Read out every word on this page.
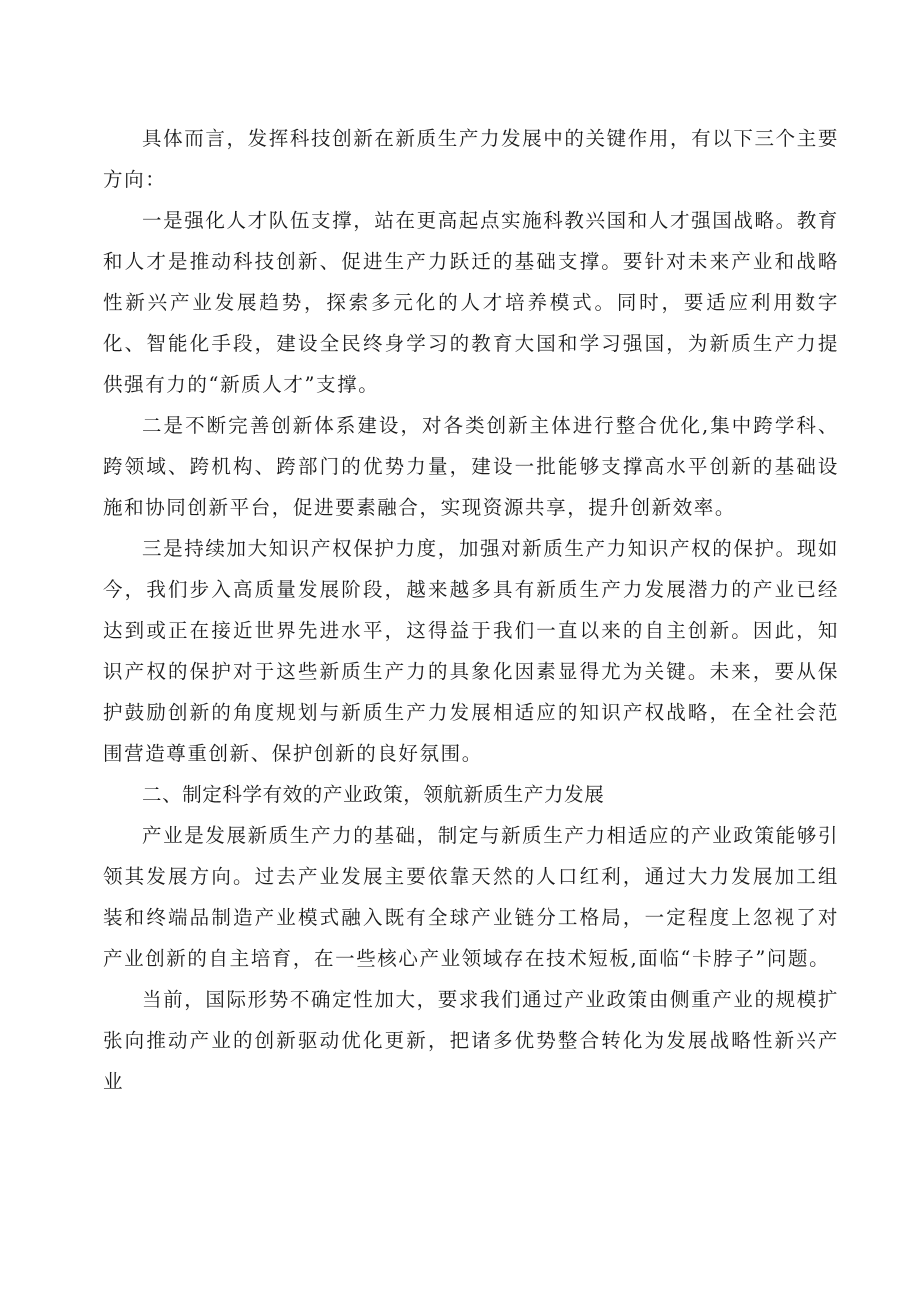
具体而言，发挥科技创新在新质生产力发展中的关键作用，有以下三个主要方向：

一是强化人才队伍支撑，站在更高起点实施科教兴国和人才强国战略。教育和人才是推动科技创新、促进生产力跃迁的基础支撑。要针对未来产业和战略性新兴产业发展趋势，探索多元化的人才培养模式。同时，要适应利用数字化、智能化手段，建设全民终身学习的教育大国和学习强国，为新质生产力提供强有力的“新质人才”支撑。

二是不断完善创新体系建设，对各类创新主体进行整合优化,集中跨学科、跨领域、跨机构、跨部门的优势力量，建设一批能够支撑高水平创新的基础设施和协同创新平台，促进要素融合，实现资源共享，提升创新效率。

三是持续加大知识产权保护力度，加强对新质生产力知识产权的保护。现如今，我们步入高质量发展阶段，越来越多具有新质生产力发展潜力的产业已经达到或正在接近世界先进水平，这得益于我们一直以来的自主创新。因此，知识产权的保护对于这些新质生产力的具象化因素显得尤为关键。未来，要从保护鼓励创新的角度规划与新质生产力发展相适应的知识产权战略，在全社会范围营造尊重创新、保护创新的良好氛围。

二、制定科学有效的产业政策，领航新质生产力发展

产业是发展新质生产力的基础，制定与新质生产力相适应的产业政策能够引领其发展方向。过去产业发展主要依靠天然的人口红利，通过大力发展加工组装和终端品制造产业模式融入既有全球产业链分工格局，一定程度上忽视了对产业创新的自主培育，在一些核心产业领域存在技术短板,面临“卡脖子”问题。

当前，国际形势不确定性加大，要求我们通过产业政策由侧重产业的规模扩张向推动产业的创新驱动优化更新，把诸多优势整合转化为发展战略性新兴产业
